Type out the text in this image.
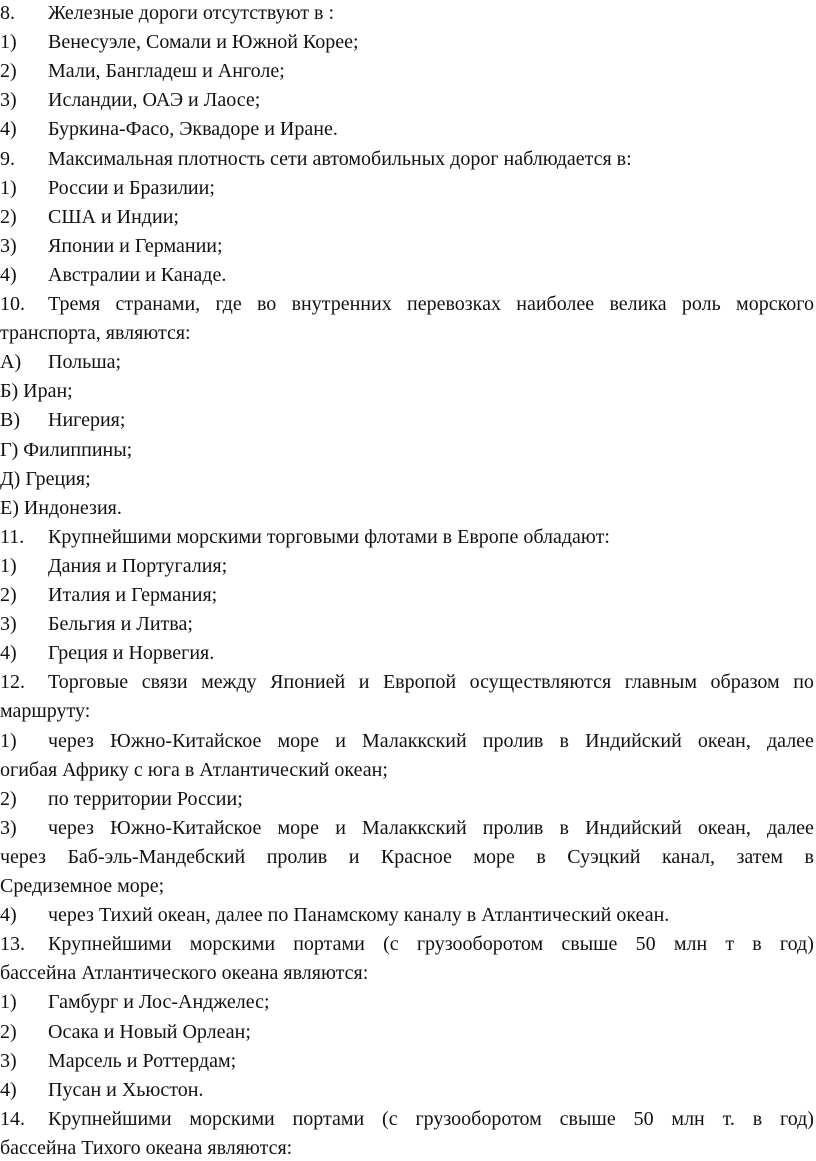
8. Железные дороги отсутствуют в :
1) Венесуэле, Сомали и Южной Корее;
2) Мали, Бангладеш и Анголе;
3) Исландии, ОАЭ и Лаосе;
4) Буркина-Фасо, Эквадоре и Иране.
9. Максимальная плотность сети автомобильных дорог наблюдается в:
1) России и Бразилии;
2) США и Индии;
3) Японии и Германии;
4) Австралии и Канаде.
10.	Тремя странами, где во внутренних перевозках наиболее велика роль морского
транспорта, являются:
А) Польша;
Б) Иран;
В) Нигерия;
Г) Филиппины;
Д) Греция;
Е) Индонезия.
11. Крупнейшими морскими торговыми флотами в Европе обладают:
1) Дания и Португалия;
2) Италия и Германия;
3) Бельгия и Литва;
4) Греция и Норвегия.
12.	Торговые связи между Японией и Европой осуществляются главным образом по
маршруту:
1)	через Южно-Китайское море и Малаккский пролив в Индийский океан, далее
огибая Африку с юга в Атлантический океан;
2) по территории России;
3)	через Южно-Китайское море и Малаккский пролив в Индийский океан, далее
через Баб-эль-Мандебский пролив и Красное море в Суэцкий канал, затем в
Средиземное море;
4) через Тихий океан, далее по Панамскому каналу в Атлантический океан.
13.	Крупнейшими морскими портами (с грузооборотом свыше 50 млн т в год)
бассейна Атлантического океана являются:
1) Гамбург и Лос-Анджелес;
2) Осака и Новый Орлеан;
3) Марсель и Роттердам;
4) Пусан и Хьюстон.
14.	Крупнейшими морскими портами (с грузооборотом свыше 50 млн т. в год)
бассейна Тихого океана являются:
